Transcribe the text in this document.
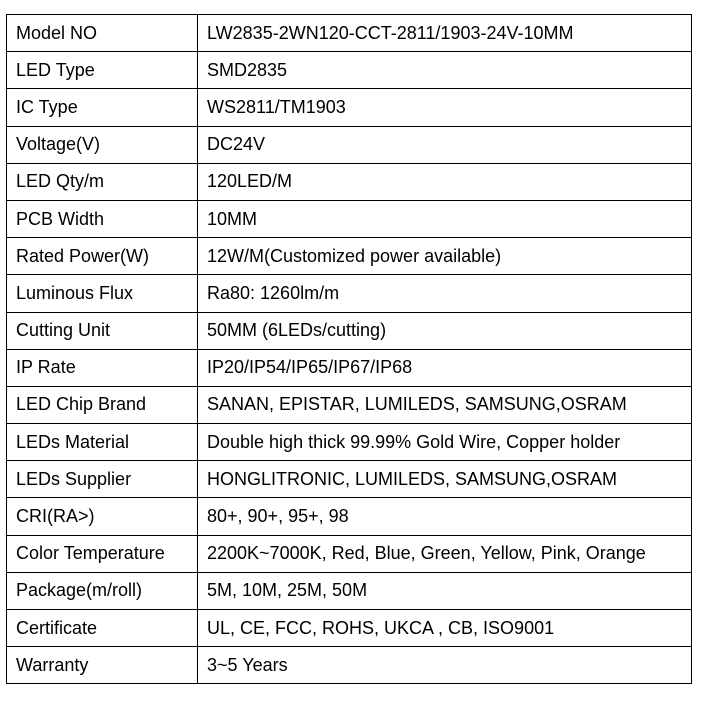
Model NO	LW2835-2WN120-CCT-2811/1903-24V-10MM
LED Type	SMD2835
IC Type	WS2811/TM1903
Voltage(V)	DC24V
LED Qty/m	120LED/M
PCB Width	10MM
Rated Power(W)	12W/M(Customized power available)
Luminous Flux	Ra80: 1260lm/m
Cutting Unit	50MM (6LEDs/cutting)
IP Rate	IP20/IP54/IP65/IP67/IP68
LED Chip Brand	SANAN, EPISTAR, LUMILEDS, SAMSUNG,OSRAM
LEDs Material	Double high thick 99.99% Gold Wire, Copper holder
LEDs Supplier	HONGLITRONIC, LUMILEDS, SAMSUNG,OSRAM
CRI(RA>)	80+, 90+, 95+, 98
Color Temperature	2200K~7000K, Red, Blue, Green, Yellow, Pink, Orange
Package(m/roll)	5M, 10M, 25M, 50M
Certificate	UL, CE, FCC, ROHS, UKCA , CB, ISO9001
Warranty	3~5 Years
